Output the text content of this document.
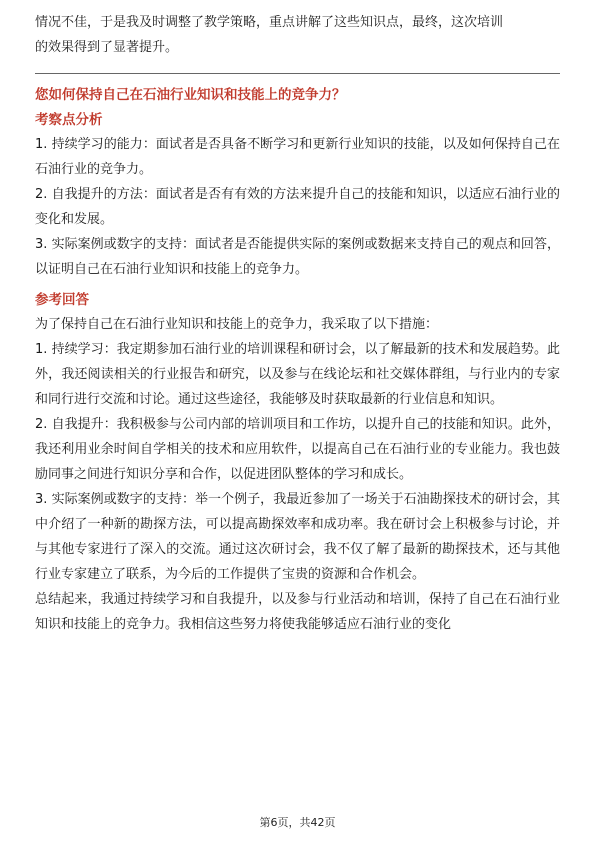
情况不佳，于是我及时调整了教学策略，重点讲解了这些知识点，最终，这次培训

的效果得到了显著提升。

您如何保持自己在石油行业知识和技能上的竞争力？

考察点分析

1. 持续学习的能力：面试者是否具备不断学习和更新行业知识的技能，以及如何保持自己在石油行业的竞争力。

2. 自我提升的方法：面试者是否有有效的方法来提升自己的技能和知识，以适应石油行业的变化和发展。

3. 实际案例或数字的支持：面试者是否能提供实际的案例或数据来支持自己的观点和回答，以证明自己在石油行业知识和技能上的竞争力。

参考回答

为了保持自己在石油行业知识和技能上的竞争力，我采取了以下措施：

1. 持续学习：我定期参加石油行业的培训课程和研讨会，以了解最新的技术和发展趋势。此外，我还阅读相关的行业报告和研究，以及参与在线论坛和社交媒体群组，与行业内的专家和同行进行交流和讨论。通过这些途径，我能够及时获取最新的行业信息和知识。

2. 自我提升：我积极参与公司内部的培训项目和工作坊，以提升自己的技能和知识。此外，我还利用业余时间自学相关的技术和应用软件，以提高自己在石油行业的专业能力。我也鼓励同事之间进行知识分享和合作，以促进团队整体的学习和成长。

3. 实际案例或数字的支持：举一个例子，我最近参加了一场关于石油勘探技术的研讨会，其中介绍了一种新的勘探方法，可以提高勘探效率和成功率。我在研讨会上积极参与讨论，并与其他专家进行了深入的交流。通过这次研讨会，我不仅了解了最新的勘探技术，还与其他行业专家建立了联系，为今后的工作提供了宝贵的资源和合作机会。

总结起来，我通过持续学习和自我提升，以及参与行业活动和培训，保持了自己在石油行业知识和技能上的竞争力。我相信这些努力将使我能够适应石油行业的变化

第6页，共42页
